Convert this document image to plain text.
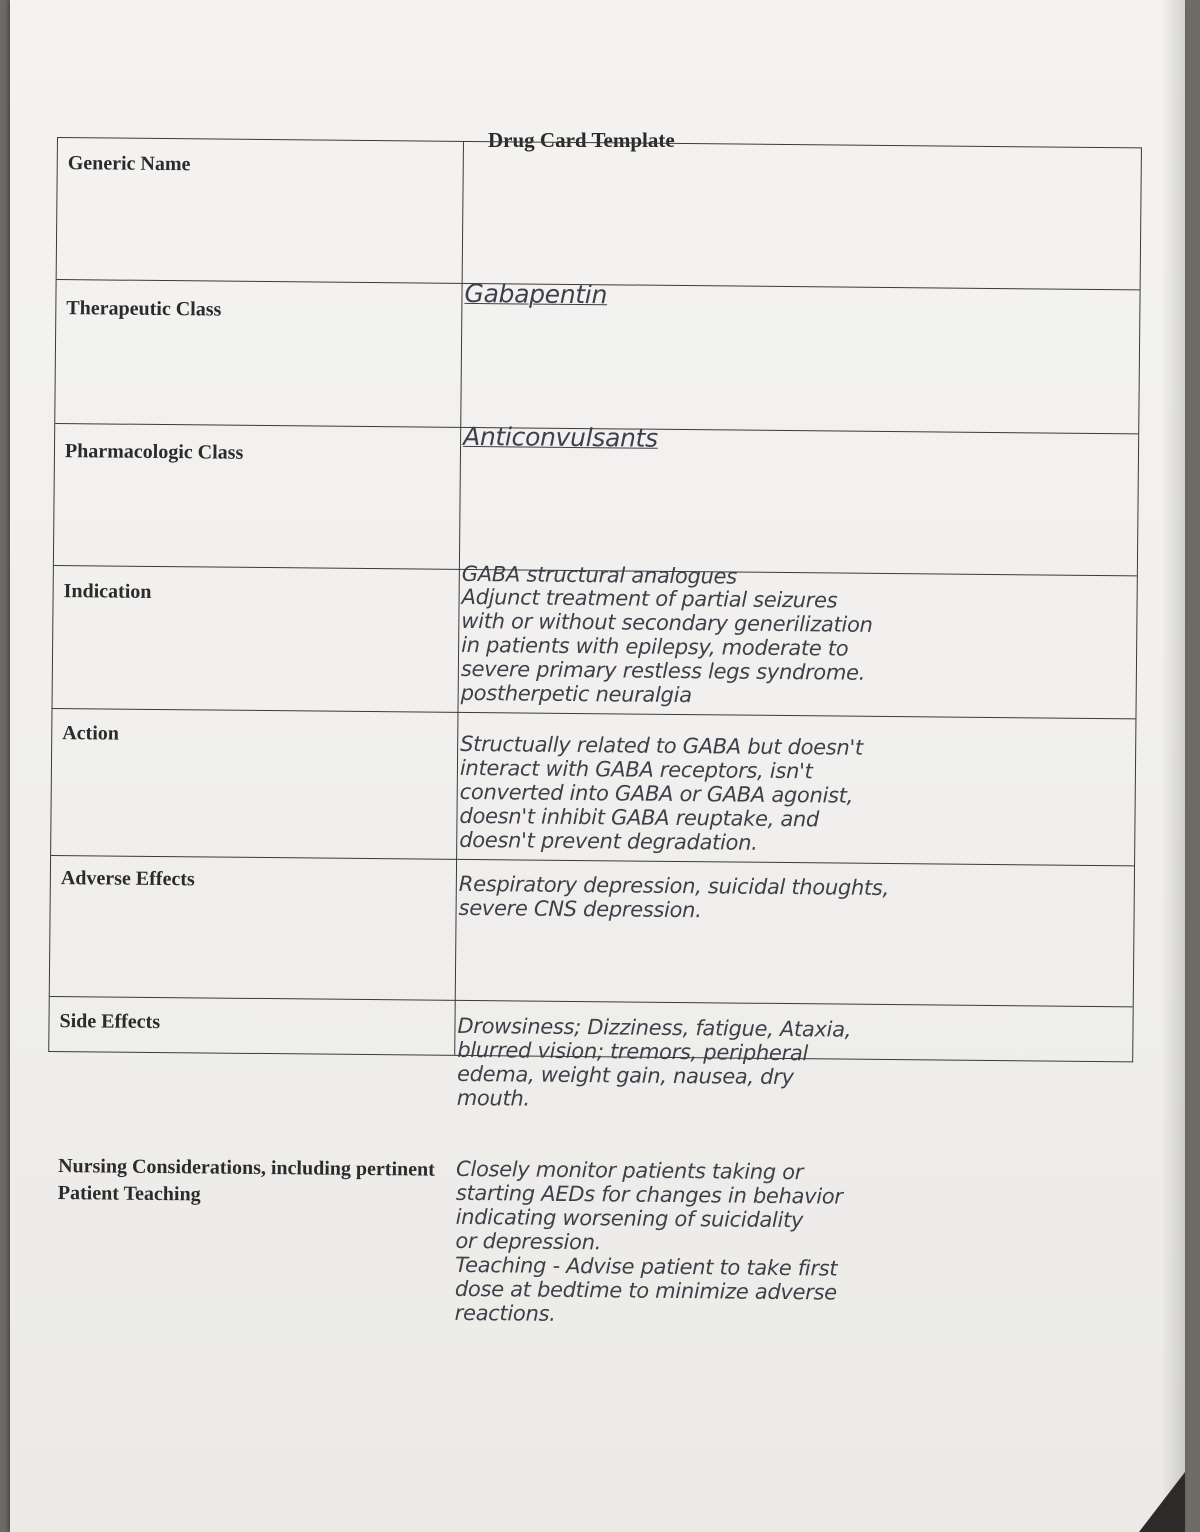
Drug Card Template
Generic Name
Therapeutic Class
Pharmacologic Class
Indication
Action
Adverse Effects
Side Effects
Nursing Considerations, including pertinent Patient Teaching
Gabapentin
Anticonvulsants
GABA structural analogues
Adjunct treatment of partial seizures
with or without secondary generilization
in patients with epilepsy, moderate to
severe primary restless legs syndrome.
postherpetic neuralgia
Structually related to GABA but doesn't
interact with GABA receptors, isn't
converted into GABA or GABA agonist,
doesn't inhibit GABA reuptake, and
doesn't prevent degradation.
Respiratory depression, suicidal thoughts,
severe CNS depression.
Drowsiness; Dizziness, fatigue, Ataxia,
blurred vision; tremors, peripheral
edema, weight gain, nausea, dry
mouth.
Closely monitor patients taking or
starting AEDs for changes in behavior
indicating worsening of suicidality
or depression.
Teaching - Advise patient to take first
dose at bedtime to minimize adverse
reactions.
